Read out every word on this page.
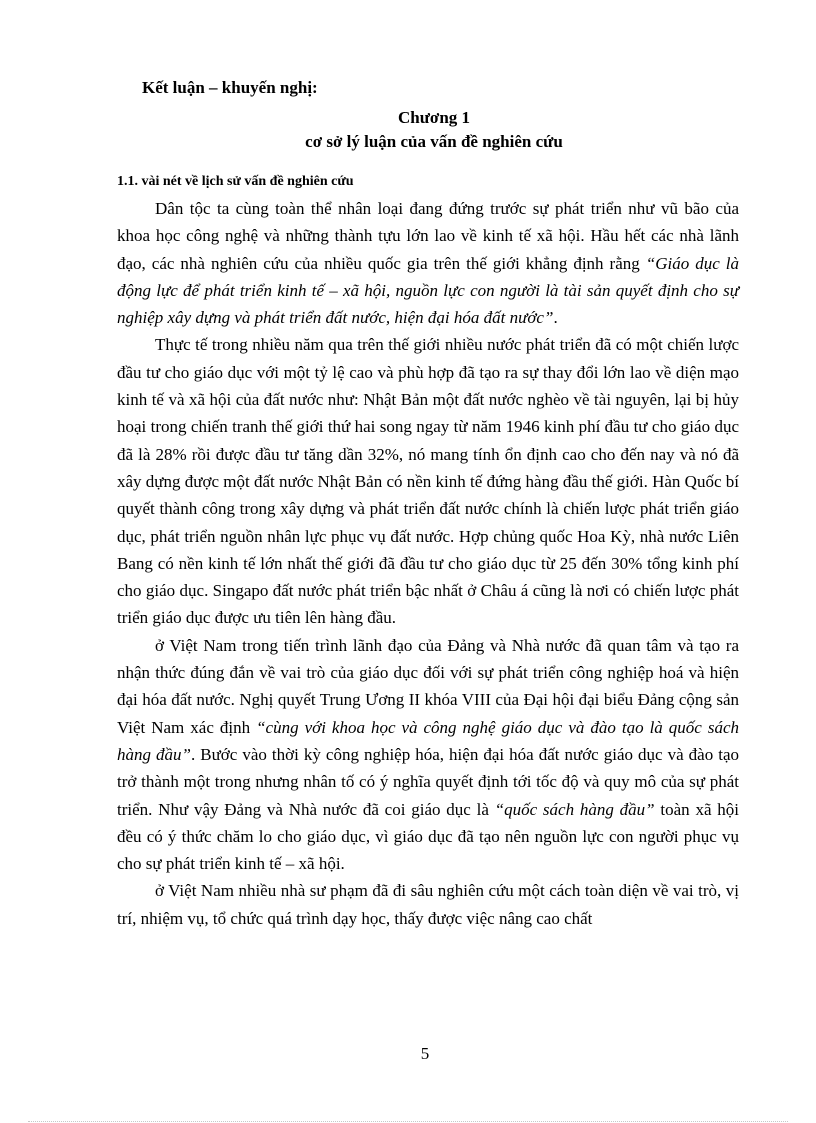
Kết luận – khuyến nghị:
Chương 1
cơ sở lý luận của vấn đề nghiên cứu
1.1. vài nét về lịch sử vấn đề nghiên cứu

Dân tộc ta cùng toàn thể nhân loại đang đứng trước sự phát triển như vũ bão của khoa học công nghệ và những thành tựu lớn lao về kinh tế xã hội. Hầu hết các nhà lãnh đạo, các nhà nghiên cứu của nhiều quốc gia trên thế giới khẳng định rằng “Giáo dục là động lực để phát triển kinh tế – xã hội, nguồn lực con người là tài sản quyết định cho sự nghiệp xây dựng và phát triển đất nước, hiện đại hóa đất nước”.

Thực tế trong nhiều năm qua trên thế giới nhiều nước phát triển đã có một chiến lược đầu tư cho giáo dục với một tỷ lệ cao và phù hợp đã tạo ra sự thay đổi lớn lao về diện mạo kinh tế và xã hội của đất nước như: Nhật Bản một đất nước nghèo về tài nguyên, lại bị hủy hoại trong chiến tranh thế giới thứ hai song ngay từ năm 1946 kinh phí đầu tư cho giáo dục đã là 28% rồi được đầu tư tăng dần 32%, nó mang tính ổn định cao cho đến nay và nó đã xây dựng được một đất nước Nhật Bản có nền kinh tế đứng hàng đầu thế giới. Hàn Quốc bí quyết thành công trong xây dựng và phát triển đất nước chính là chiến lược phát triển giáo dục, phát triển nguồn nhân lực phục vụ đất nước. Hợp chủng quốc Hoa Kỳ, nhà nước Liên Bang có nền kinh tế lớn nhất thế giới đã đầu tư cho giáo dục từ 25 đến 30% tổng kinh phí cho giáo dục. Singapo đất nước phát triển bậc nhất ở Châu á cũng là nơi có chiến lược phát triển giáo dục được ưu tiên lên hàng đầu.

ở Việt Nam trong tiến trình lãnh đạo của Đảng và Nhà nước đã quan tâm và tạo ra nhận thức đúng đắn về vai trò của giáo dục đối với sự phát triển công nghiệp hoá và hiện đại hóa đất nước. Nghị quyết Trung Ương II khóa VIII của Đại hội đại biểu Đảng cộng sản Việt Nam xác định “cùng với khoa học và công nghệ giáo dục và đào tạo là quốc sách hàng đầu”. Bước vào thời kỳ công nghiệp hóa, hiện đại hóa đất nước giáo dục và đào tạo trở thành một trong nhưng nhân tố có ý nghĩa quyết định tới tốc độ và quy mô của sự phát triển. Như vậy Đảng và Nhà nước đã coi giáo dục là “quốc sách hàng đầu” toàn xã hội đều có ý thức chăm lo cho giáo dục, vì giáo dục đã tạo nên nguồn lực con người phục vụ cho sự phát triển kinh tế – xã hội.

ở Việt Nam nhiều nhà sư phạm đã đi sâu nghiên cứu một cách toàn diện về vai trò, vị trí, nhiệm vụ, tổ chức quá trình dạy học, thấy được việc nâng cao chất

5
